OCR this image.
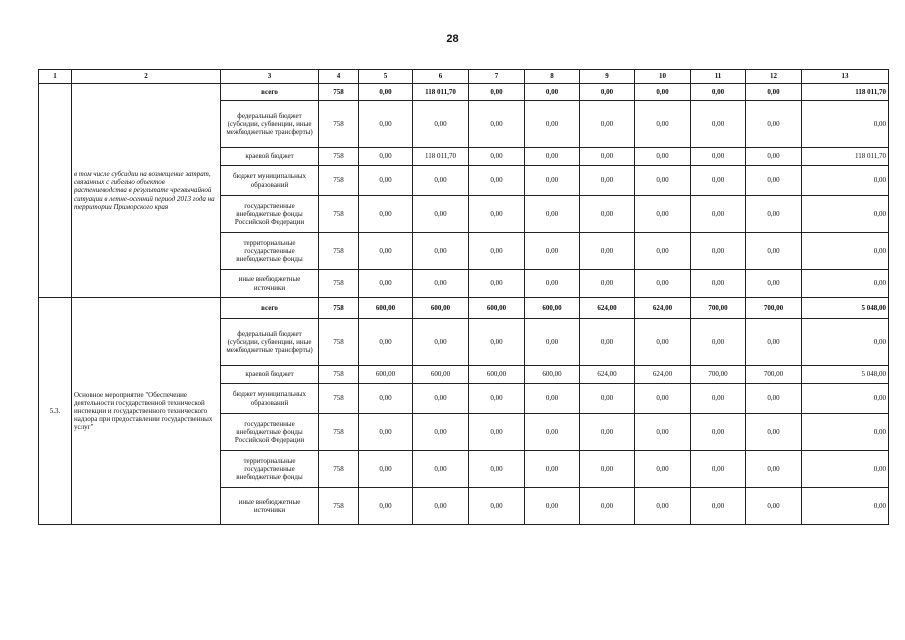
28
1	2	3	4	5	6	7	8	9	10	11	12	13
	в том числе субсидии на возмещение затрат, связанных с гибелью объектов растениеводства в результате чрезвычайной ситуации в летне-осенний период 2013 года на территории Приморского края	всего	758	0,00	118 011,70	0,00	0,00	0,00	0,00	0,00	0,00	118 011,70
		федеральный бюджет (субсидии, субвенции, иные межбюджетные трансферты)	758	0,00	0,00	0,00	0,00	0,00	0,00	0,00	0,00	0,00
		краевой бюджет	758	0,00	118 011,70	0,00	0,00	0,00	0,00	0,00	0,00	118 011,70
		бюджет муниципальных образований	758	0,00	0,00	0,00	0,00	0,00	0,00	0,00	0,00	0,00
		государственные внебюджетные фонды Российской Федерации	758	0,00	0,00	0,00	0,00	0,00	0,00	0,00	0,00	0,00
		территориальные государственные внебюджетные фонды	758	0,00	0,00	0,00	0,00	0,00	0,00	0,00	0,00	0,00
		иные внебюджетные источники	758	0,00	0,00	0,00	0,00	0,00	0,00	0,00	0,00	0,00
5.3.	Основное мероприятие "Обеспечение деятельности государственной технической инспекции и государственного технического надзора при предоставлении государственных услуг"	всего	758	600,00	600,00	600,00	600,00	624,00	624,00	700,00	700,00	5 048,00
		федеральный бюджет (субсидии, субвенции, иные межбюджетные трансферты)	758	0,00	0,00	0,00	0,00	0,00	0,00	0,00	0,00	0,00
		краевой бюджет	758	600,00	600,00	600,00	600,00	624,00	624,00	700,00	700,00	5 048,00
		бюджет муниципальных образований	758	0,00	0,00	0,00	0,00	0,00	0,00	0,00	0,00	0,00
		государственные внебюджетные фонды Российской Федерации	758	0,00	0,00	0,00	0,00	0,00	0,00	0,00	0,00	0,00
		территориальные государственные внебюджетные фонды	758	0,00	0,00	0,00	0,00	0,00	0,00	0,00	0,00	0,00
		иные внебюджетные источники	758	0,00	0,00	0,00	0,00	0,00	0,00	0,00	0,00	0,00
